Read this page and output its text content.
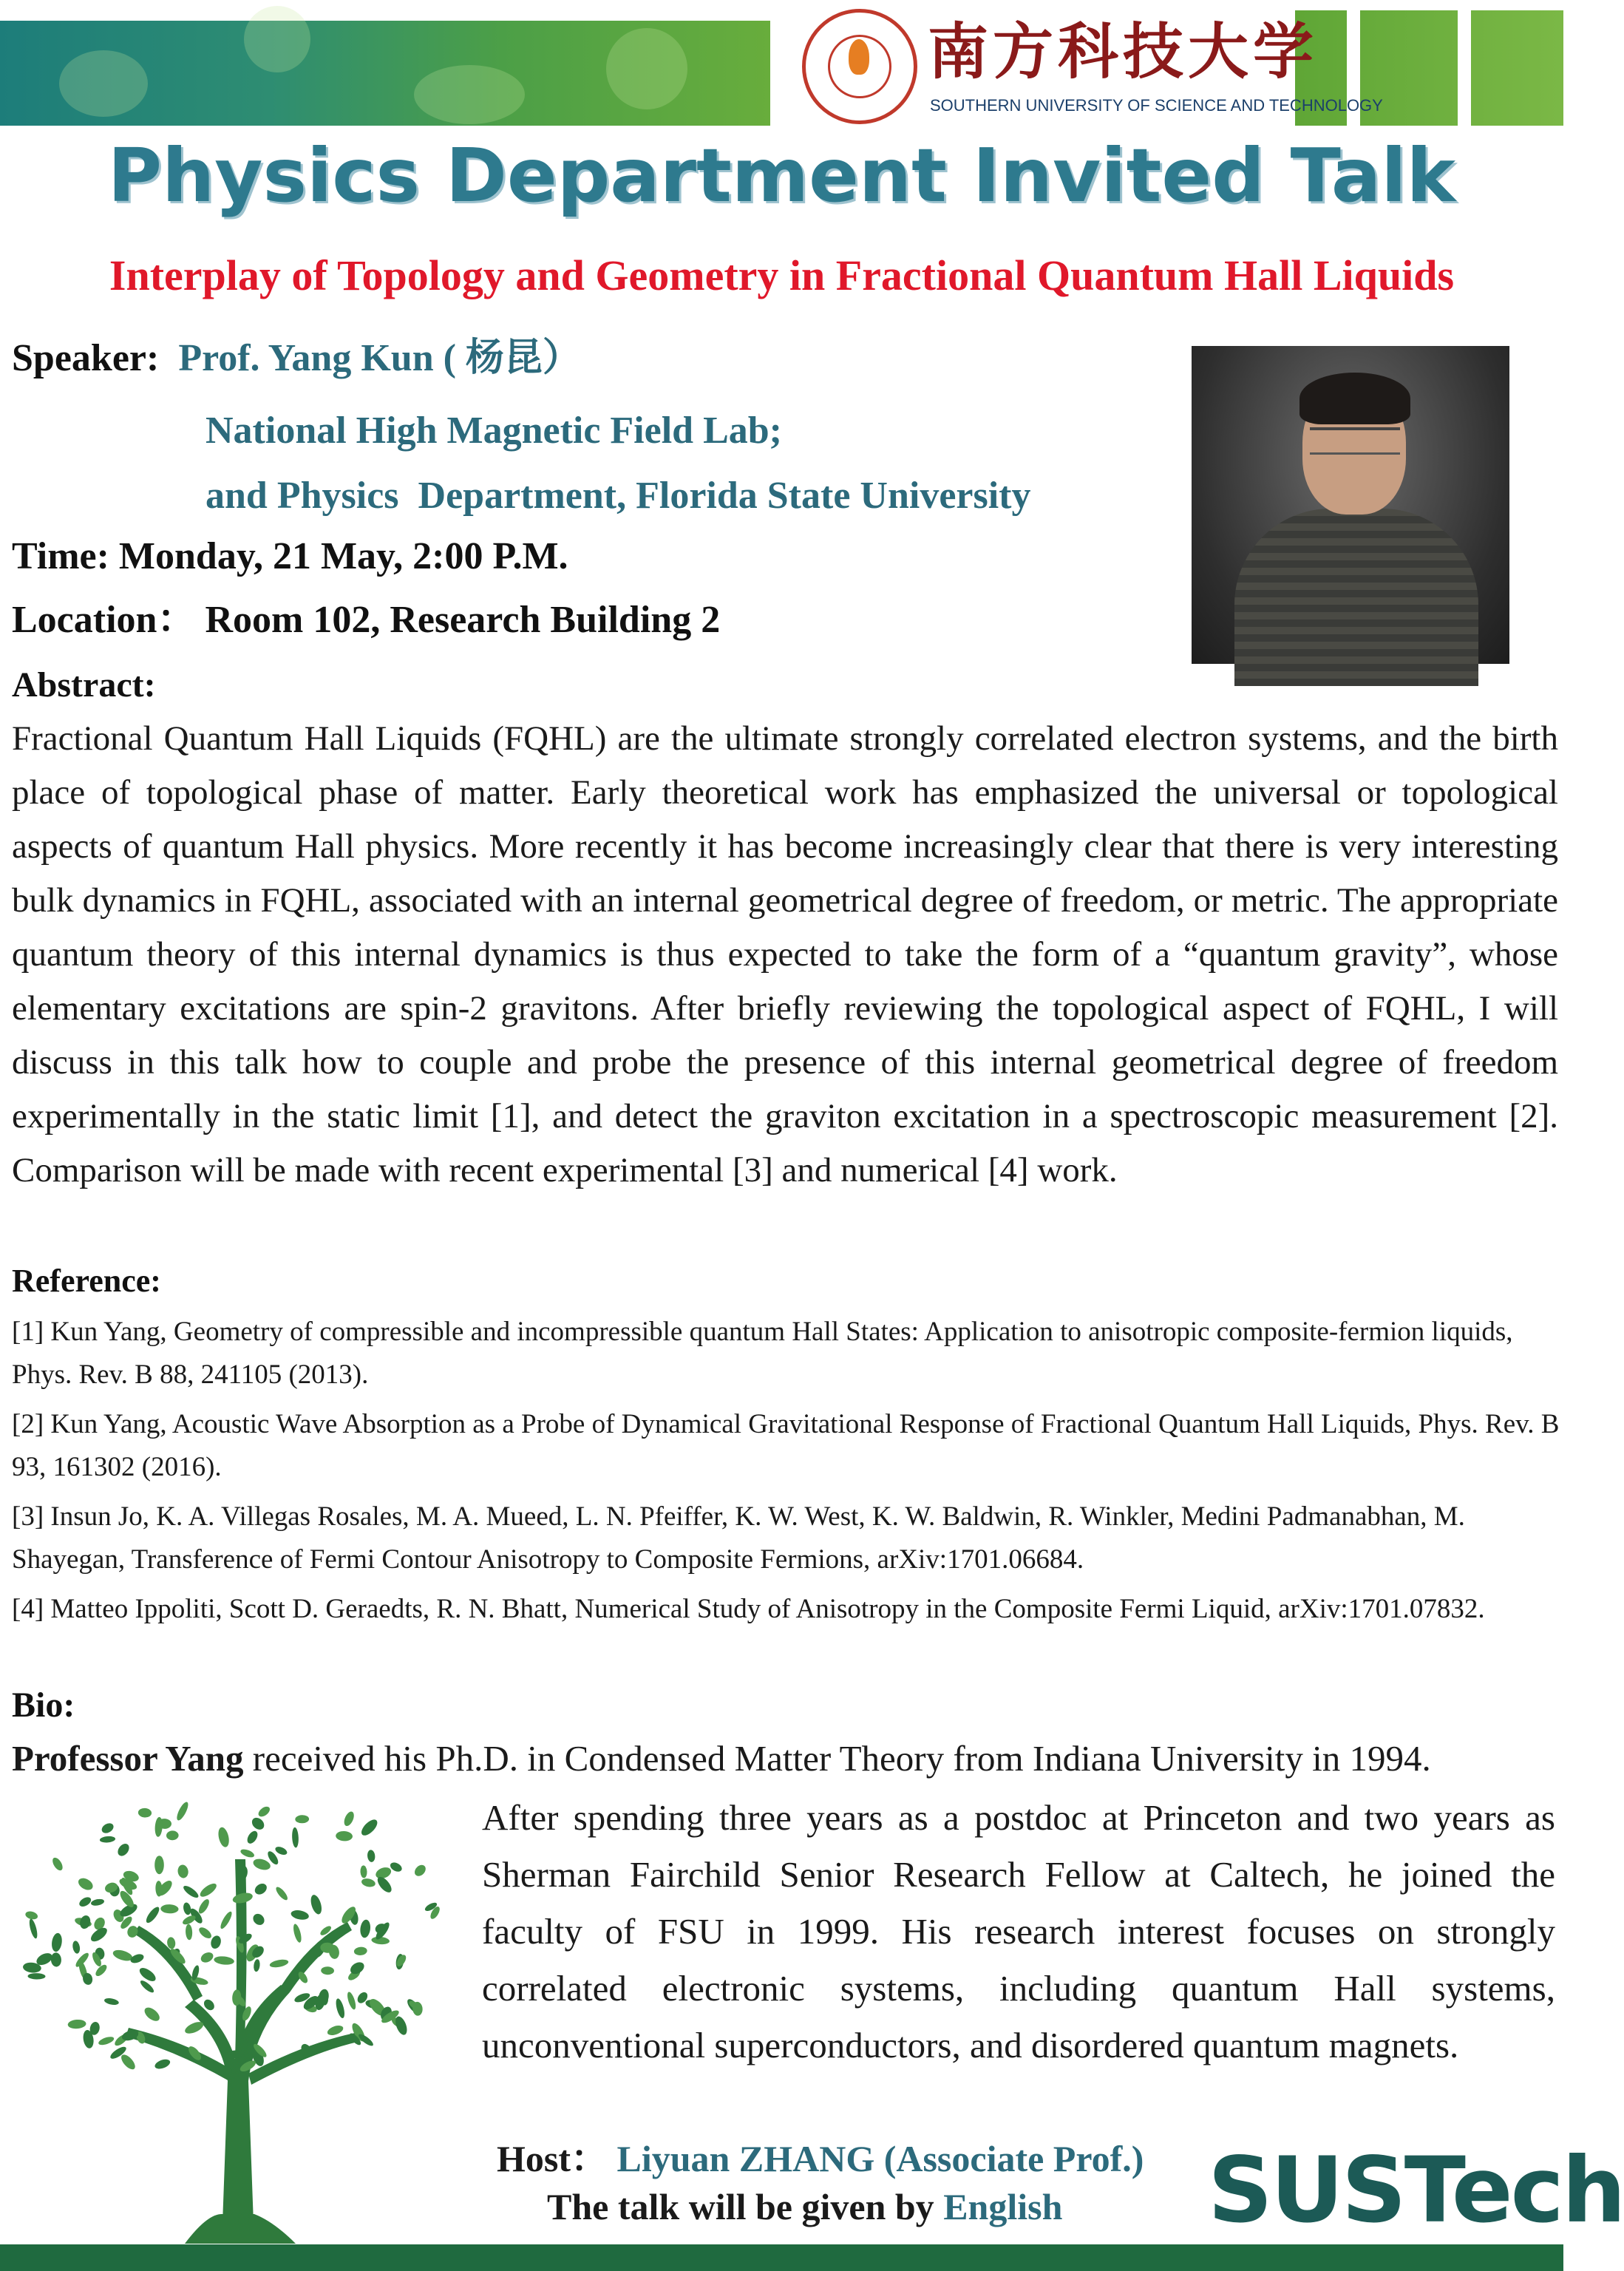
南方科技大学
SOUTHERN UNIVERSITY OF SCIENCE AND TECHNOLOGY
Physics Department Invited Talk
Interplay of Topology and Geometry in Fractional Quantum Hall Liquids
Speaker: Prof. Yang Kun ( 杨昆）
National High Magnetic Field Lab;
and Physics  Department, Florida State University
Time: Monday, 21 May, 2:00 P.M.
Location： Room 102, Research Building 2
Abstract:
Fractional Quantum Hall Liquids (FQHL) are the ultimate strongly correlated electron systems, and the birth place of topological phase of matter. Early theoretical work has emphasized the universal or topological aspects of quantum Hall physics. More recently it has become increasingly clear that there is very interesting bulk dynamics in FQHL, associated with an internal geometrical degree of freedom, or metric. The appropriate quantum theory of this internal dynamics is thus expected to take the form of a “quantum gravity”, whose elementary excitations are spin-2 gravitons. After briefly reviewing the topological aspect of FQHL, I will discuss in this talk how to couple and probe the presence of this internal geometrical degree of freedom experimentally in the static limit [1], and detect the graviton excitation in a spectroscopic measurement [2]. Comparison will be made with recent experimental [3] and numerical [4] work.
Reference:
[1] Kun Yang, Geometry of compressible and incompressible quantum Hall States: Application to anisotropic composite-fermion liquids, Phys. Rev. B 88, 241105 (2013).
[2] Kun Yang, Acoustic Wave Absorption as a Probe of Dynamical Gravitational Response of Fractional Quantum Hall Liquids, Phys. Rev. B 93, 161302 (2016).
[3] Insun Jo, K. A. Villegas Rosales, M. A. Mueed, L. N. Pfeiffer, K. W. West, K. W. Baldwin, R. Winkler, Medini Padmanabhan, M. Shayegan, Transference of Fermi Contour Anisotropy to Composite Fermions, arXiv:1701.06684.
[4] Matteo Ippoliti, Scott D. Geraedts, R. N. Bhatt, Numerical Study of Anisotropy in the Composite Fermi Liquid, arXiv:1701.07832.
Bio:
Professor Yang received his Ph.D. in Condensed Matter Theory from Indiana University in 1994.
After spending three years as a postdoc at Princeton and two years as Sherman Fairchild Senior Research Fellow at Caltech, he joined the faculty of FSU in 1999. His research interest focuses on strongly correlated electronic systems, including quantum Hall systems, unconventional superconductors, and disordered quantum magnets.
Host： Liyuan ZHANG (Associate Prof.)
The talk will be given by English SUSTech
